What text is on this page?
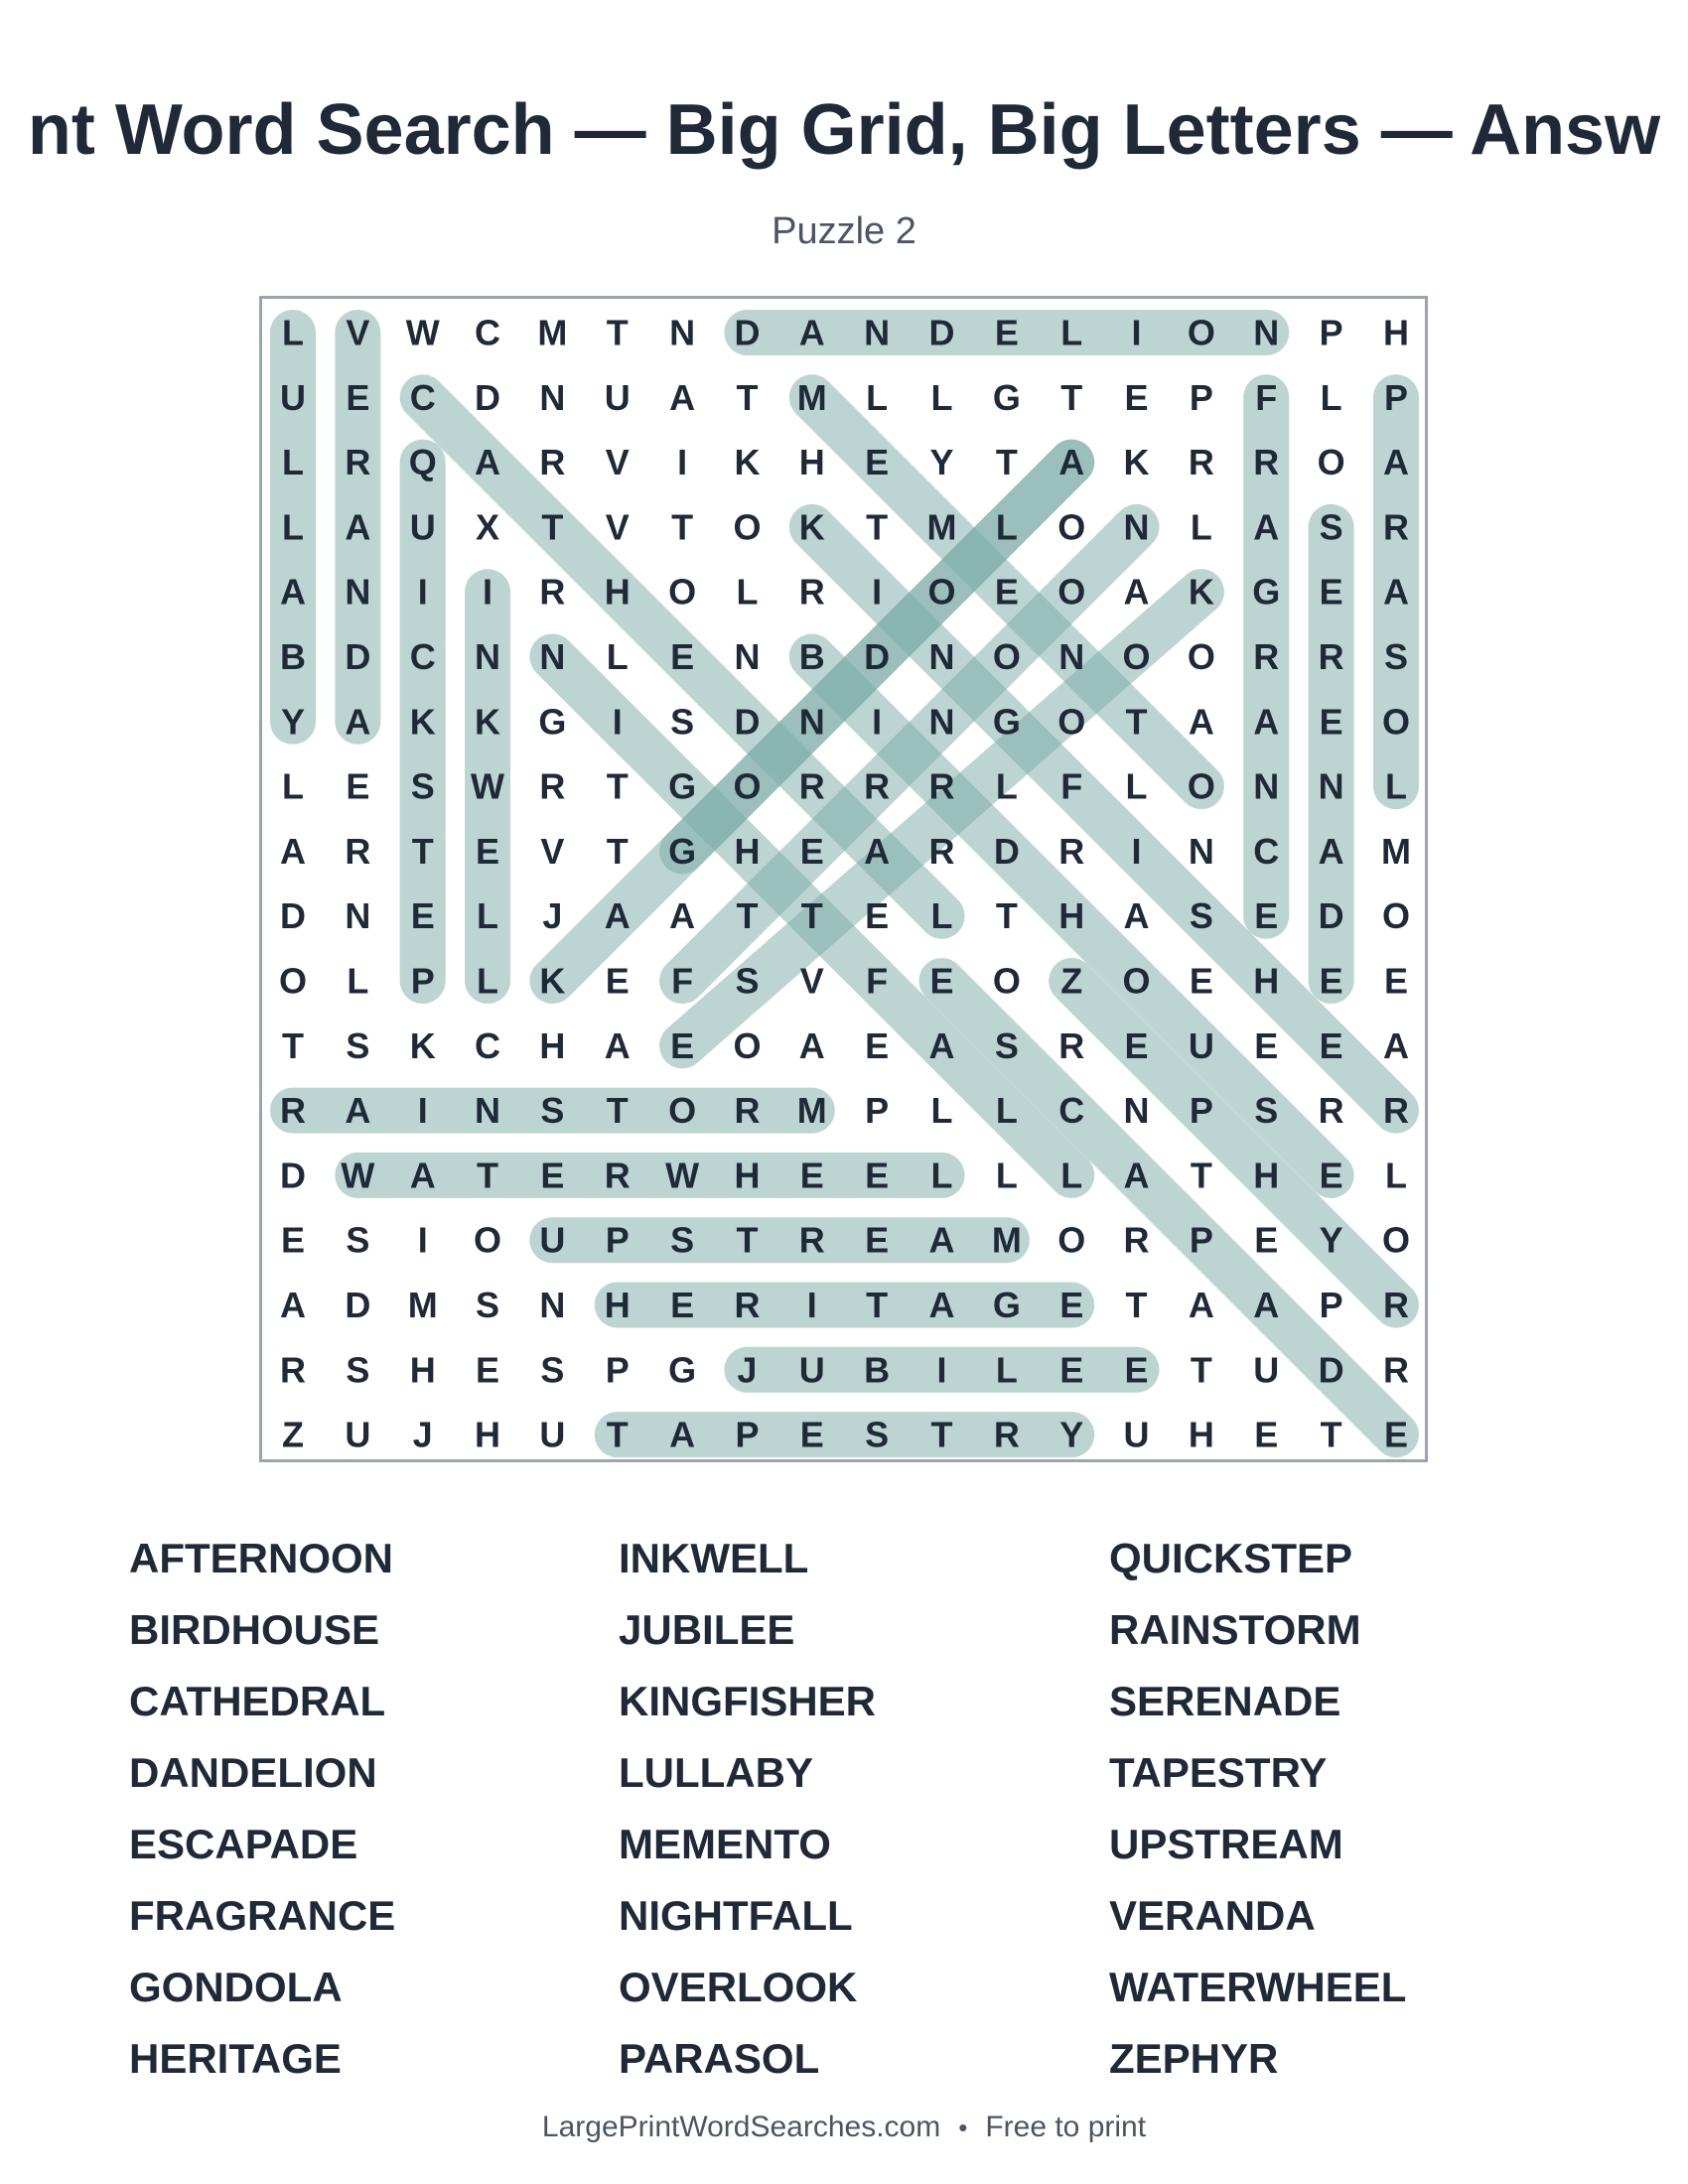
nt Word Search — Big Grid, Big Letters — Answ
Puzzle 2
L V W C M T N D A N D E L I O N P H
U E C D N U A T M L L G T E P F L P
L R Q A R V I K H E Y T A K R R O A
L A U X T V T O K T M L O N L A S R
A N I I R H O L R I O E O A K G E A
B D C N N L E N B D N O N O O R R S
Y A K K G I S D N I N G O T A A E O
L E S W R T G O R R R L F L O N N L
A R T E V T G H E A R D R I N C A M
D N E L J A A T T E L T H A S E D O
O L P L K E F S V F E O Z O E H E E
T S K C H A E O A E A S R E U E E A
R A I N S T O R M P L L C N P S R R
D W A T E R W H E E L L L A T H E L
E S I O U P S T R E A M O R P E Y O
A D M S N H E R I T A G E T A A P R
R S H E S P G J U B I L E E T U D R
Z U J H U T A P E S T R Y U H E T E
AFTERNOON
BIRDHOUSE
CATHEDRAL
DANDELION
ESCAPADE
FRAGRANCE
GONDOLA
HERITAGE
INKWELL
JUBILEE
KINGFISHER
LULLABY
MEMENTO
NIGHTFALL
OVERLOOK
PARASOL
QUICKSTEP
RAINSTORM
SERENADE
TAPESTRY
UPSTREAM
VERANDA
WATERWHEEL
ZEPHYR
LargePrintWordSearches.com • Free to print
